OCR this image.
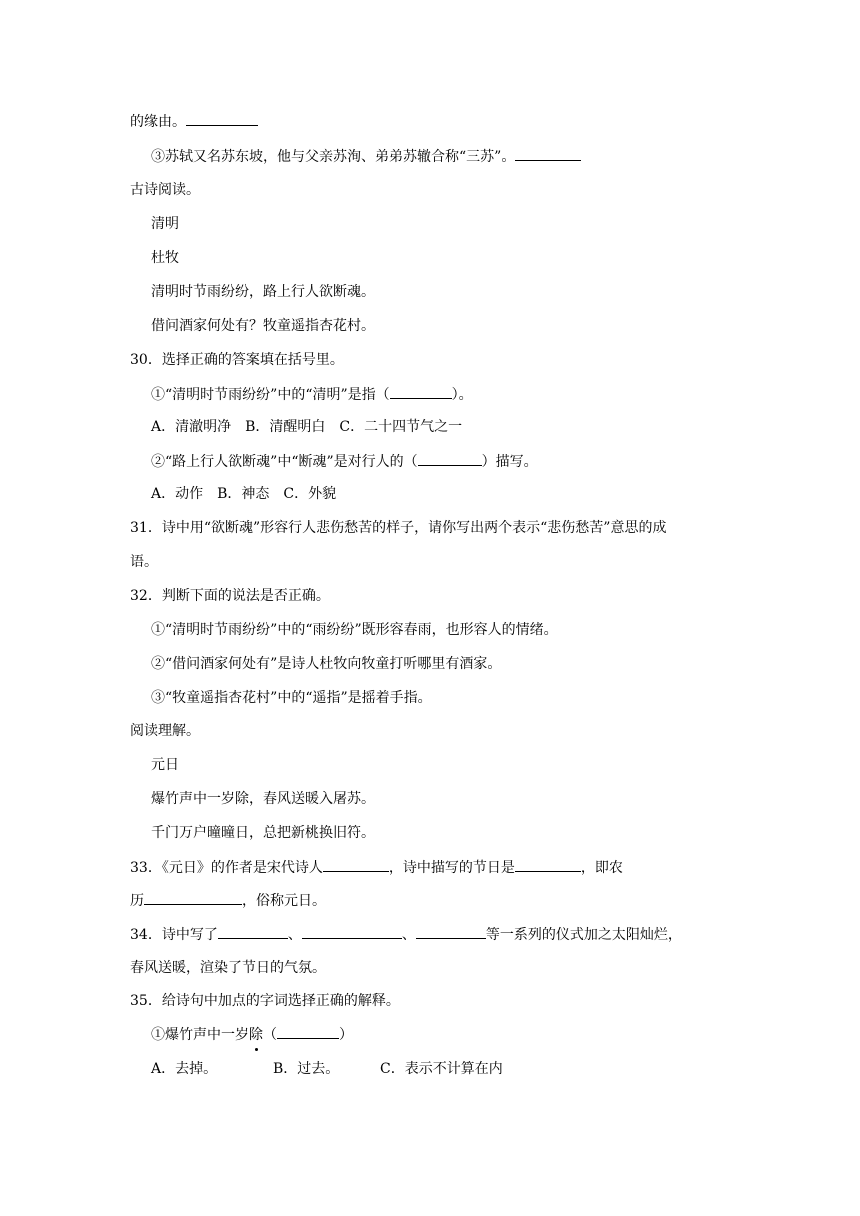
的缘由。
③苏轼又名苏东坡，他与父亲苏洵、弟弟苏辙合称“三苏”。
古诗阅读。
清明
杜牧
清明时节雨纷纷，路上行人欲断魂。
借问酒家何处有？牧童遥指杏花村。
30．选择正确的答案填在括号里。
①“清明时节雨纷纷”中的“清明”是指（	）。
A．清澈明净　B．清醒明白　C．二十四节气之一
②“路上行人欲断魂”中“断魂”是对行人的（	）描写。
A．动作　B．神态　C．外貌
31．诗中用“欲断魂”形容行人悲伤愁苦的样子，请你写出两个表示“悲伤愁苦”意思的成
语。
32．判断下面的说法是否正确。
①“清明时节雨纷纷”中的“雨纷纷”既形容春雨，也形容人的情绪。
②“借问酒家何处有”是诗人杜牧向牧童打听哪里有酒家。
③“牧童遥指杏花村”中的“遥指”是摇着手指。
阅读理解。
元日
爆竹声中一岁除，春风送暖入屠苏。
千门万户曈曈日，总把新桃换旧符。
33．《元日》的作者是宋代诗人	，诗中描写的节日是	，即农
历	，俗称元日。
34．诗中写了	、	、	等一系列的仪式加之太阳灿烂，
春风送暖，渲染了节日的气氛。
35．给诗句中加点的字词选择正确的解释。
①爆竹声中一岁除（	）
A．去掉。	B．过去。	C．表示不计算在内
